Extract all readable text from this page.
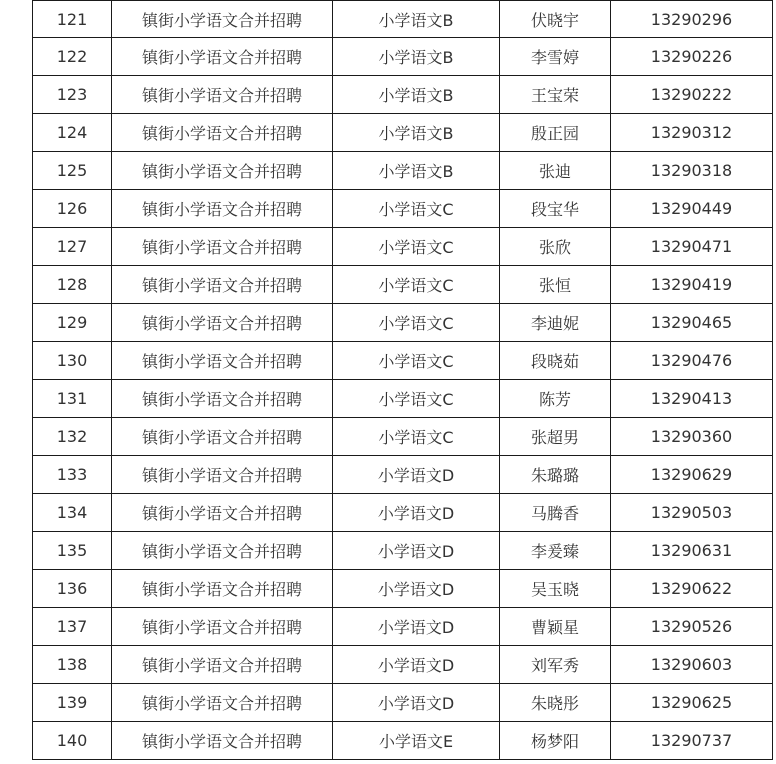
121	镇街小学语文合并招聘	小学语文B	伏晓宇	13290296
122	镇街小学语文合并招聘	小学语文B	李雪婷	13290226
123	镇街小学语文合并招聘	小学语文B	王宝荣	13290222
124	镇街小学语文合并招聘	小学语文B	殷正园	13290312
125	镇街小学语文合并招聘	小学语文B	张迪	13290318
126	镇街小学语文合并招聘	小学语文C	段宝华	13290449
127	镇街小学语文合并招聘	小学语文C	张欣	13290471
128	镇街小学语文合并招聘	小学语文C	张恒	13290419
129	镇街小学语文合并招聘	小学语文C	李迪妮	13290465
130	镇街小学语文合并招聘	小学语文C	段晓茹	13290476
131	镇街小学语文合并招聘	小学语文C	陈芳	13290413
132	镇街小学语文合并招聘	小学语文C	张超男	13290360
133	镇街小学语文合并招聘	小学语文D	朱璐璐	13290629
134	镇街小学语文合并招聘	小学语文D	马腾香	13290503
135	镇街小学语文合并招聘	小学语文D	李爰臻	13290631
136	镇街小学语文合并招聘	小学语文D	吴玉晓	13290622
137	镇街小学语文合并招聘	小学语文D	曹颖星	13290526
138	镇街小学语文合并招聘	小学语文D	刘军秀	13290603
139	镇街小学语文合并招聘	小学语文D	朱晓彤	13290625
140	镇街小学语文合并招聘	小学语文E	杨梦阳	13290737
